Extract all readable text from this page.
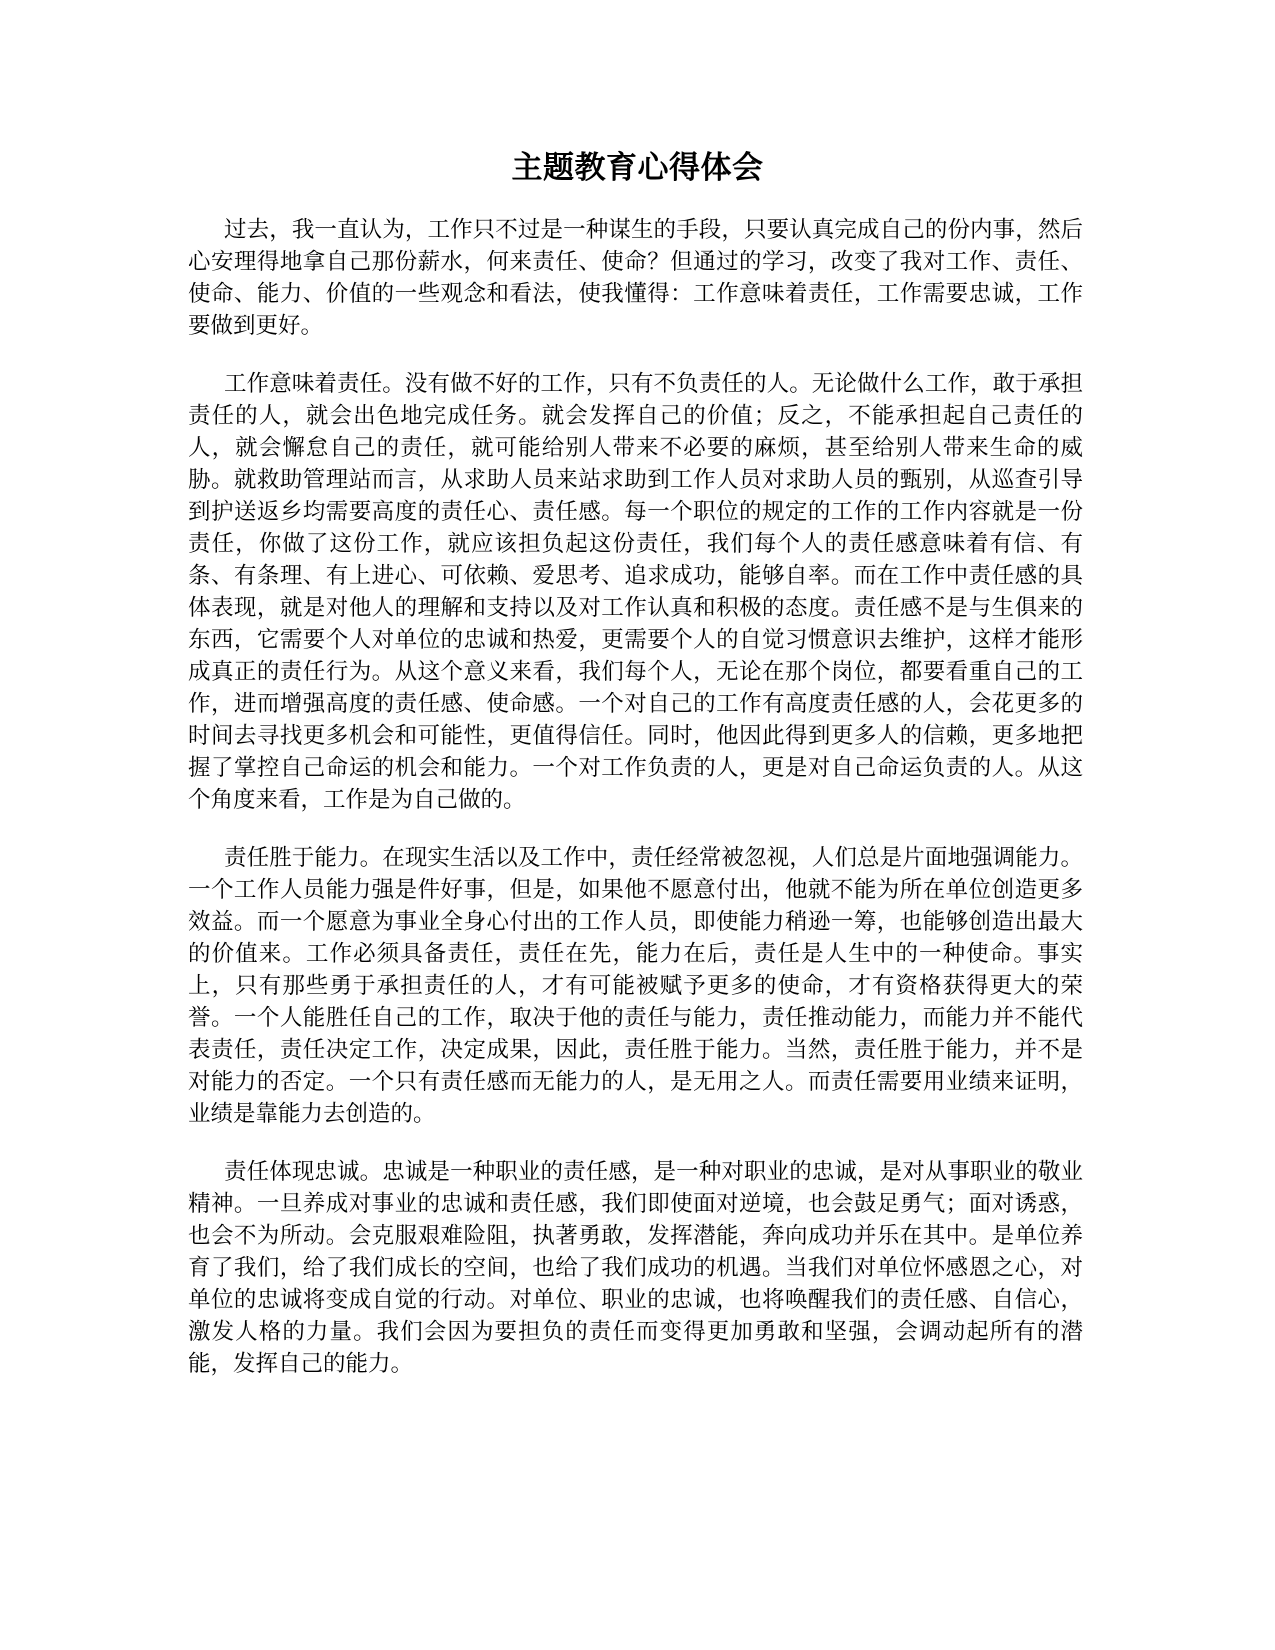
主题教育心得体会

过去，我一直认为，工作只不过是一种谋生的手段，只要认真完成自己的份内事，然后心安理得地拿自己那份薪水，何来责任、使命？但通过的学习，改变了我对工作、责任、使命、能力、价值的一些观念和看法，使我懂得：工作意味着责任，工作需要忠诚，工作要做到更好。

工作意味着责任。没有做不好的工作，只有不负责任的人。无论做什么工作，敢于承担责任的人，就会出色地完成任务。就会发挥自己的价值；反之，不能承担起自己责任的人，就会懈怠自己的责任，就可能给别人带来不必要的麻烦，甚至给别人带来生命的威胁。就救助管理站而言，从求助人员来站求助到工作人员对求助人员的甄别，从巡查引导到护送返乡均需要高度的责任心、责任感。每一个职位的规定的工作的工作内容就是一份责任，你做了这份工作，就应该担负起这份责任，我们每个人的责任感意味着有信、有条、有条理、有上进心、可依赖、爱思考、追求成功，能够自率。而在工作中责任感的具体表现，就是对他人的理解和支持以及对工作认真和积极的态度。责任感不是与生俱来的东西，它需要个人对单位的忠诚和热爱，更需要个人的自觉习惯意识去维护，这样才能形成真正的责任行为。从这个意义来看，我们每个人，无论在那个岗位，都要看重自己的工作，进而增强高度的责任感、使命感。一个对自己的工作有高度责任感的人，会花更多的时间去寻找更多机会和可能性，更值得信任。同时，他因此得到更多人的信赖，更多地把握了掌控自己命运的机会和能力。一个对工作负责的人，更是对自己命运负责的人。从这个角度来看，工作是为自己做的。

责任胜于能力。在现实生活以及工作中，责任经常被忽视，人们总是片面地强调能力。一个工作人员能力强是件好事，但是，如果他不愿意付出，他就不能为所在单位创造更多效益。而一个愿意为事业全身心付出的工作人员，即使能力稍逊一筹，也能够创造出最大的价值来。工作必须具备责任，责任在先，能力在后，责任是人生中的一种使命。事实上，只有那些勇于承担责任的人，才有可能被赋予更多的使命，才有资格获得更大的荣誉。一个人能胜任自己的工作，取决于他的责任与能力，责任推动能力，而能力并不能代表责任，责任决定工作，决定成果，因此，责任胜于能力。当然，责任胜于能力，并不是对能力的否定。一个只有责任感而无能力的人，是无用之人。而责任需要用业绩来证明，业绩是靠能力去创造的。

责任体现忠诚。忠诚是一种职业的责任感，是一种对职业的忠诚，是对从事职业的敬业精神。一旦养成对事业的忠诚和责任感，我们即使面对逆境，也会鼓足勇气；面对诱惑，也会不为所动。会克服艰难险阻，执著勇敢，发挥潜能，奔向成功并乐在其中。是单位养育了我们，给了我们成长的空间，也给了我们成功的机遇。当我们对单位怀感恩之心，对单位的忠诚将变成自觉的行动。对单位、职业的忠诚，也将唤醒我们的责任感、自信心，激发人格的力量。我们会因为要担负的责任而变得更加勇敢和坚强，会调动起所有的潜能，发挥自己的能力。
